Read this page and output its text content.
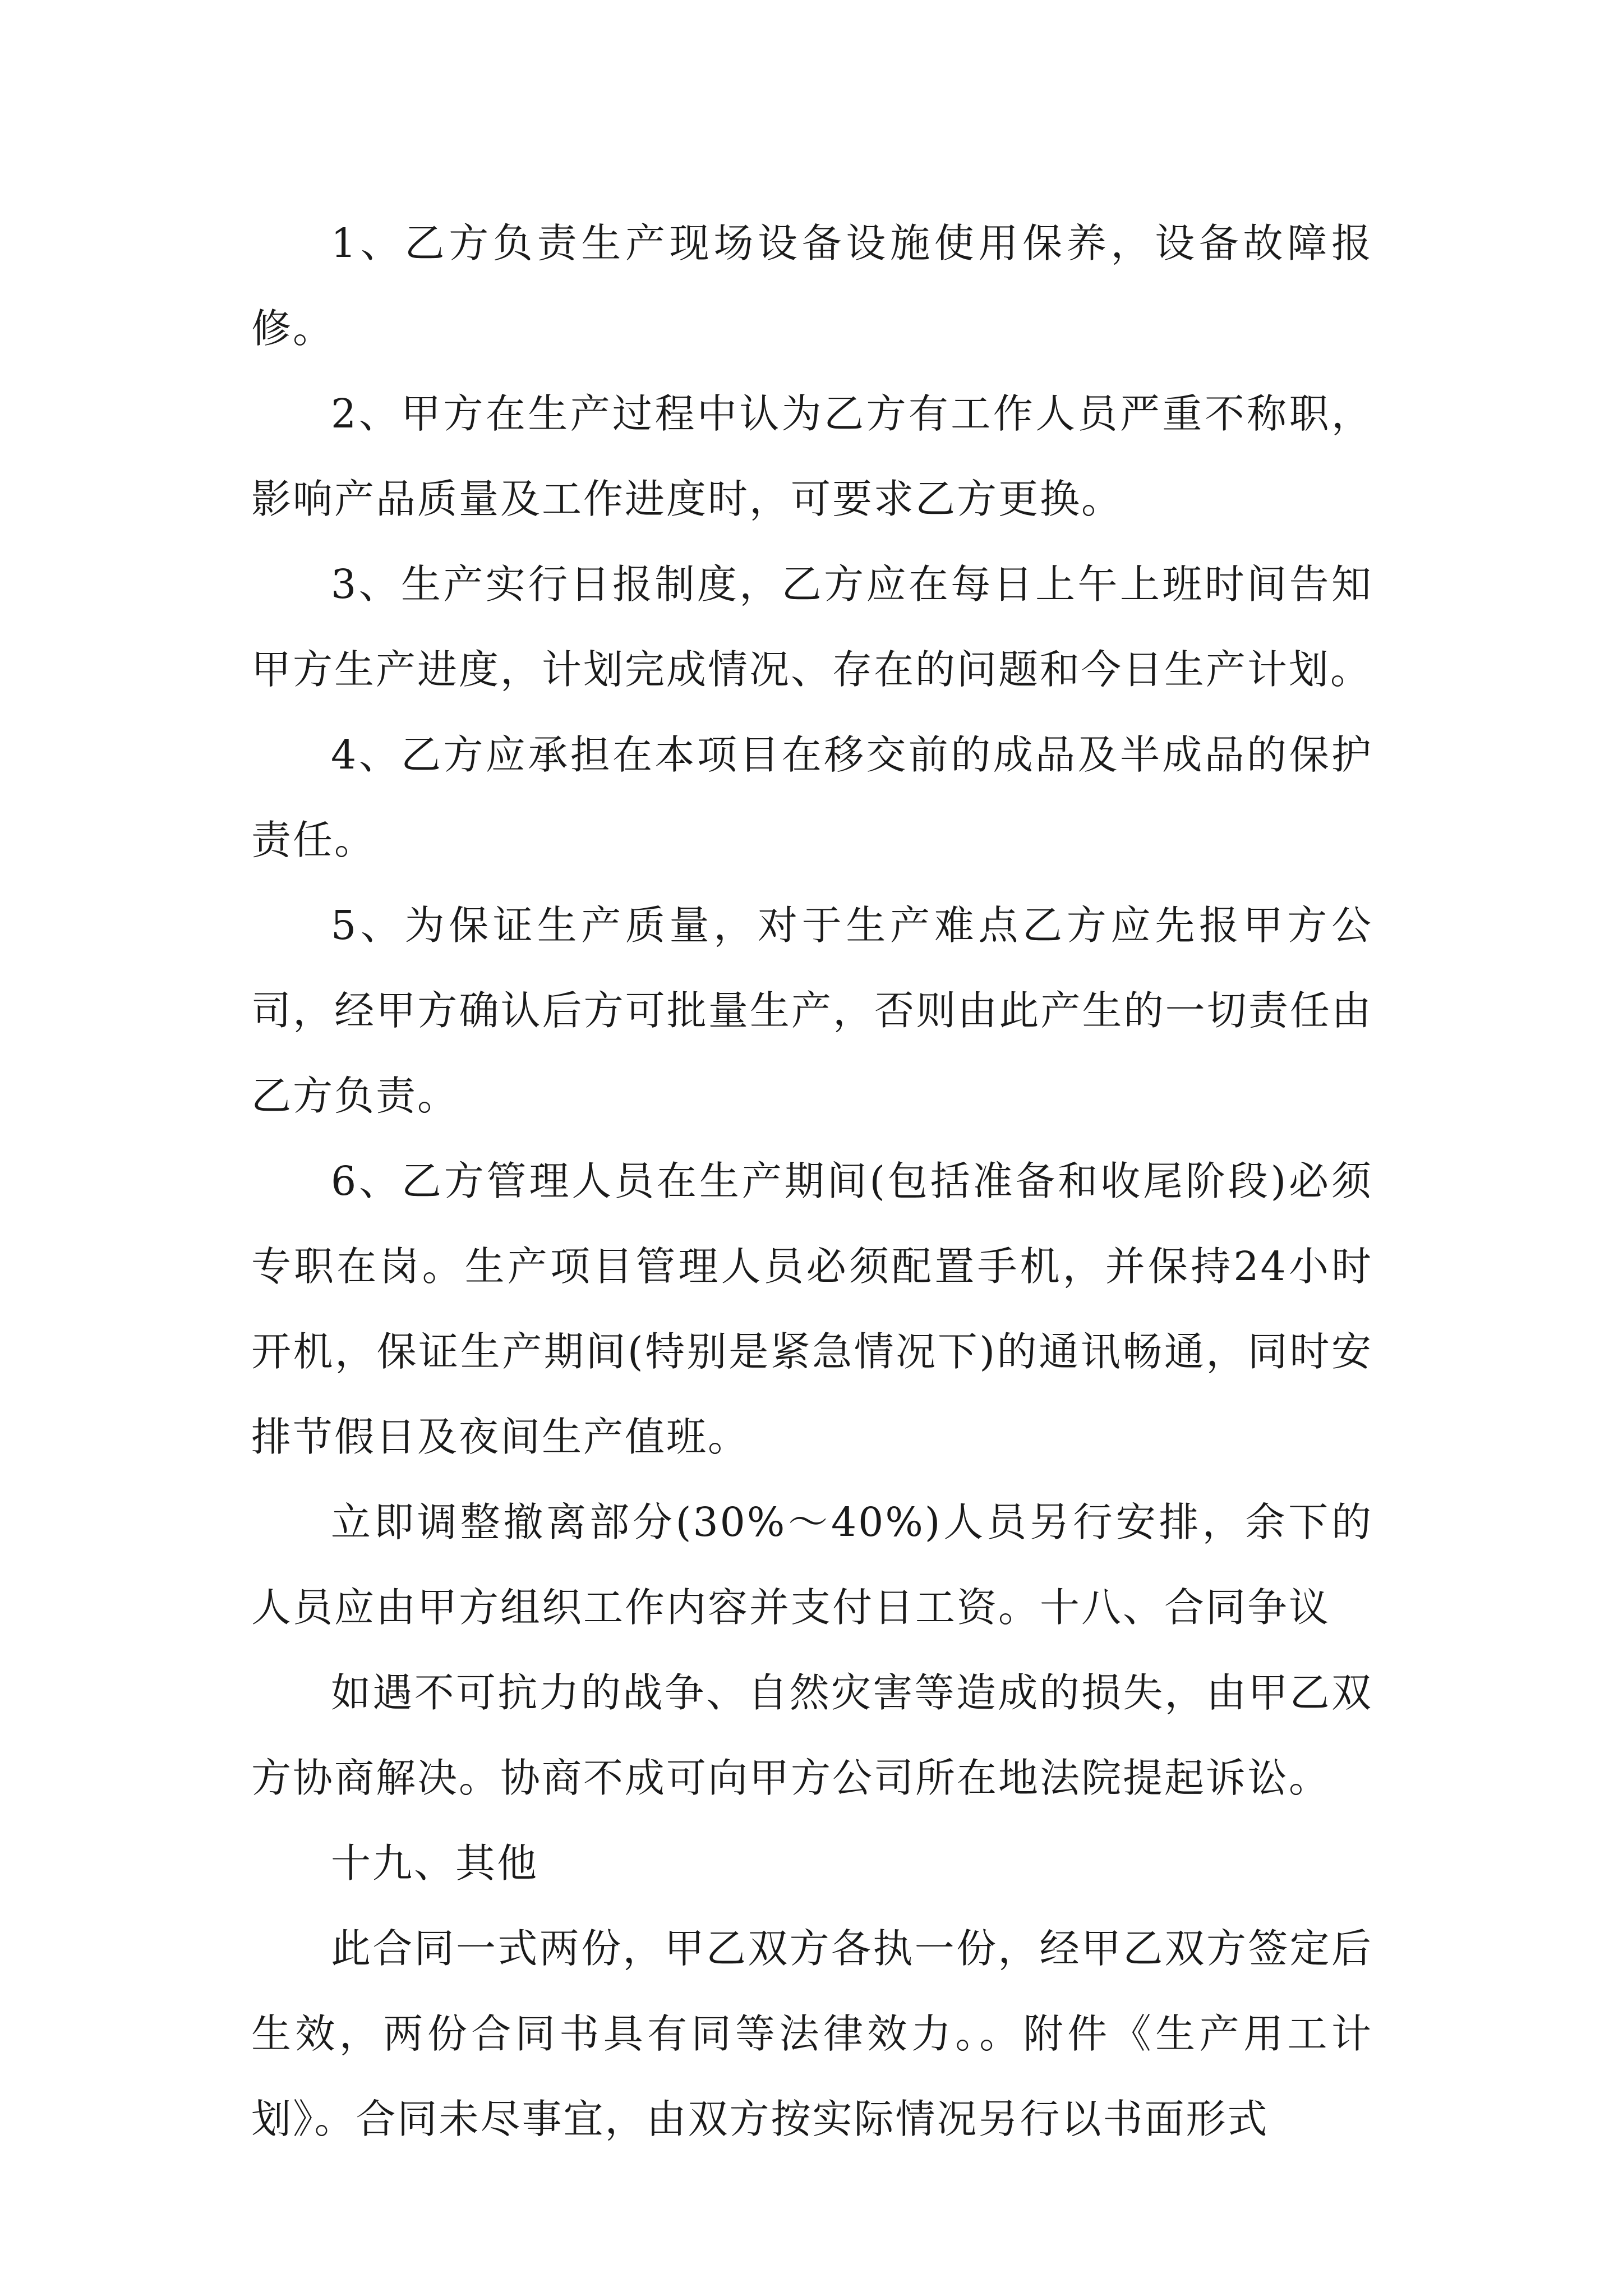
1、乙方负责生产现场设备设施使用保养，设备故障报修。

2、甲方在生产过程中认为乙方有工作人员严重不称职，影响产品质量及工作进度时，可要求乙方更换。

3、生产实行日报制度，乙方应在每日上午上班时间告知甲方生产进度，计划完成情况、存在的问题和今日生产计划。

4、乙方应承担在本项目在移交前的成品及半成品的保护责任。

5、为保证生产质量，对于生产难点乙方应先报甲方公司，经甲方确认后方可批量生产，否则由此产生的一切责任由乙方负责。

6、乙方管理人员在生产期间(包括准备和收尾阶段)必须专职在岗。生产项目管理人员必须配置手机，并保持24小时开机，保证生产期间(特别是紧急情况下)的通讯畅通，同时安排节假日及夜间生产值班。

立即调整撤离部分(30%～40%)人员另行安排，余下的人员应由甲方组织工作内容并支付日工资。十八、合同争议

如遇不可抗力的战争、自然灾害等造成的损失，由甲乙双方协商解决。协商不成可向甲方公司所在地法院提起诉讼。

十九、其他

此合同一式两份，甲乙双方各执一份，经甲乙双方签定后生效，两份合同书具有同等法律效力。。附件《生产用工计划》。合同未尽事宜，由双方按实际情况另行以书面形式
